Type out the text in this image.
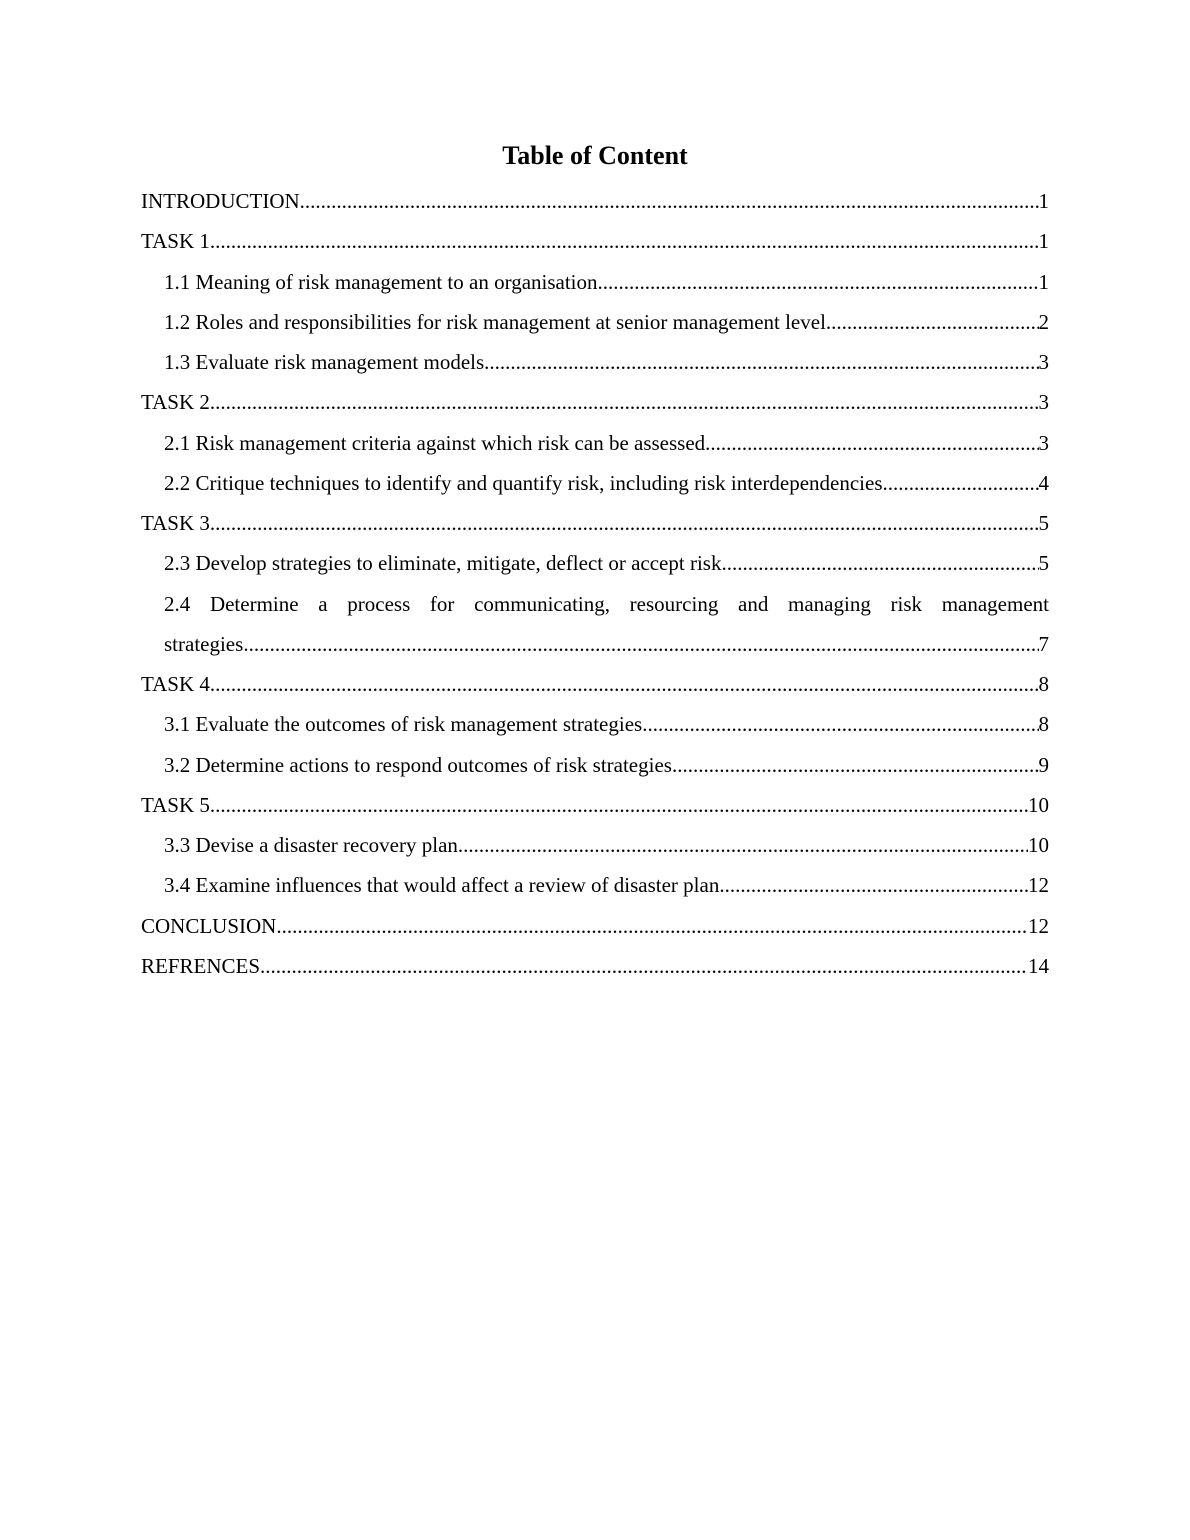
Table of Content
INTRODUCTION .....	1
TASK 1 .....	1
1.1 Meaning of risk management to an organisation .....	1
1.2 Roles and responsibilities for risk management at senior management level .....	2
1.3 Evaluate risk management models .....	3
TASK 2 .....	3
2.1 Risk management criteria against which risk can be assessed .....	3
2.2 Critique techniques to identify and quantify risk, including risk interdependencies .....	4
TASK 3 .....	5
2.3 Develop strategies to eliminate, mitigate, deflect or accept risk .....	5
2.4 Determine a process for communicating, resourcing and managing risk management
strategies .....	7
TASK 4 .....	8
3.1 Evaluate the outcomes of risk management strategies .....	8
3.2 Determine actions to respond outcomes of risk strategies .....	9
TASK 5 .....	10
3.3 Devise a disaster recovery plan .....	10
3.4 Examine influences that would affect a review of disaster plan .....	12
CONCLUSION .....	12
REFRENCES .....	14
